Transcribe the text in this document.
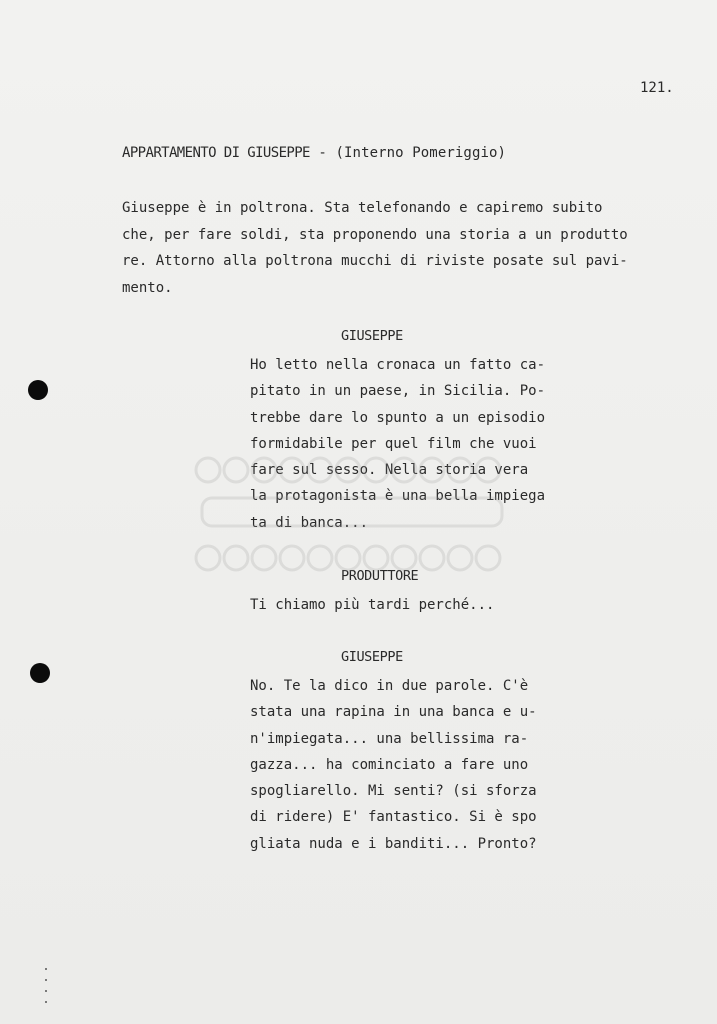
121.
APPARTAMENTO DI GIUSEPPE - (Interno Pomeriggio)
Giuseppe è in poltrona. Sta telefonando e capiremo subito
che, per fare soldi, sta proponendo una storia a un produtto
re. Attorno alla poltrona mucchi di riviste posate sul pavi-
mento.
GIUSEPPE
Ho letto nella cronaca un fatto ca-
pitato in un paese, in Sicilia. Po-
trebbe dare lo spunto a un episodio
formidabile per quel film che vuoi
fare sul sesso. Nella storia vera
la protagonista è una bella impiega
ta di banca...
PRODUTTORE
Ti chiamo più tardi perché...
GIUSEPPE
No. Te la dico in due parole. C'è
stata una rapina in una banca e u-
n'impiegata... una bellissima ra-
gazza... ha cominciato a fare uno
spogliarello. Mi senti? (si sforza
di ridere) E' fantastico. Si è spo
gliata nuda e i banditi... Pronto?
